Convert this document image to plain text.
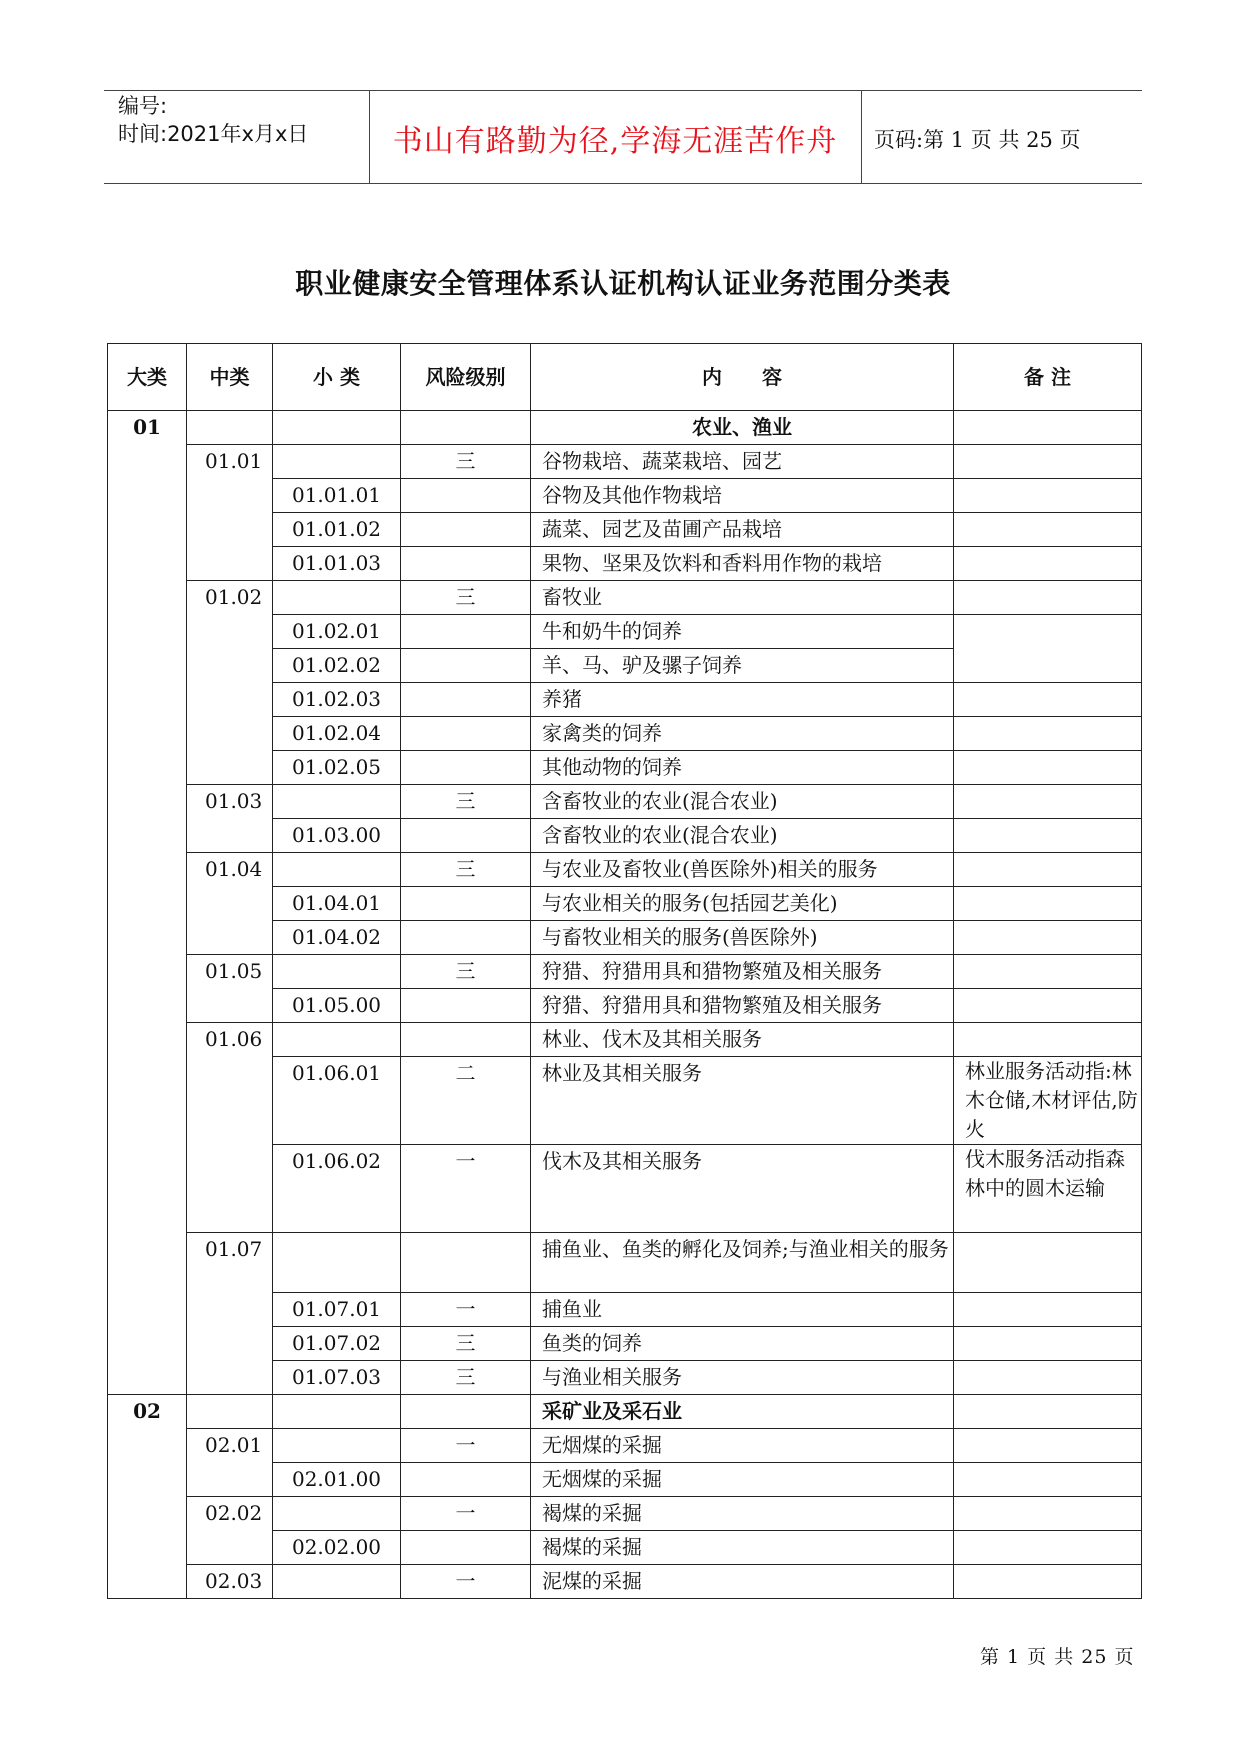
编号:
时间:2021年x月x日	书山有路勤为径,学海无涯苦作舟	页码:第 1 页 共 25 页
职业健康安全管理体系认证机构认证业务范围分类表
大类	中类	小 类	风险级别	内　　容	备 注
01				农业、渔业	
	01.01		三	谷物栽培、蔬菜栽培、园艺	
		01.01.01		谷物及其他作物栽培	
		01.01.02		蔬菜、园艺及苗圃产品栽培	
		01.01.03		果物、坚果及饮料和香料用作物的栽培	
	01.02		三	畜牧业	
		01.02.01		牛和奶牛的饲养	
		01.02.02		羊、马、驴及骡子饲养	
		01.02.03		养猪	
		01.02.04		家禽类的饲养	
		01.02.05		其他动物的饲养	
	01.03		三	含畜牧业的农业(混合农业)	
		01.03.00		含畜牧业的农业(混合农业)	
	01.04		三	与农业及畜牧业(兽医除外)相关的服务	
		01.04.01		与农业相关的服务(包括园艺美化)	
		01.04.02		与畜牧业相关的服务(兽医除外)	
	01.05		三	狩猎、狩猎用具和猎物繁殖及相关服务	
		01.05.00		狩猎、狩猎用具和猎物繁殖及相关服务	
	01.06			林业、伐木及其相关服务	
		01.06.01	二	林业及其相关服务	林业服务活动指:林木仓储,木材评估,防火
		01.06.02	一	伐木及其相关服务	伐木服务活动指森林中的圆木运输
	01.07			捕鱼业、鱼类的孵化及饲养;与渔业相关的服务	
		01.07.01	一	捕鱼业	
		01.07.02	三	鱼类的饲养	
		01.07.03	三	与渔业相关服务	
02				采矿业及采石业	
	02.01		一	无烟煤的采掘	
		02.01.00		无烟煤的采掘	
	02.02		一	褐煤的采掘	
		02.02.00		褐煤的采掘	
	02.03		一	泥煤的采掘	
第 1 页 共 25 页
